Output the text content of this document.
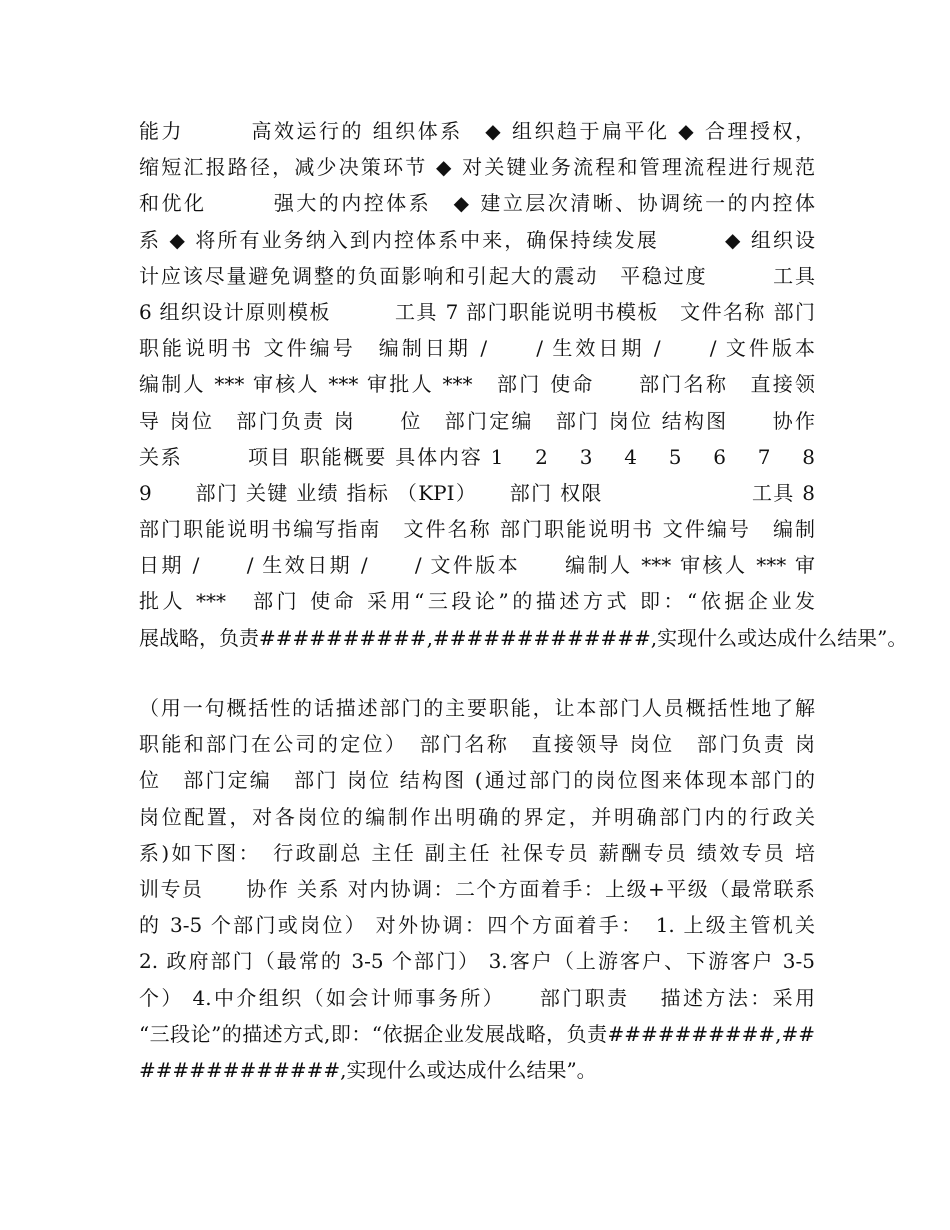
能力　　　高效运行的 组织体系　◆ 组织趋于扁平化 ◆ 合理授权，
缩短汇报路径，减少决策环节 ◆ 对关键业务流程和管理流程进行规范
和优化　　　强大的内控体系　◆ 建立层次清晰、协调统一的内控体
系 ◆ 将所有业务纳入到内控体系中来，确保持续发展　　　◆ 组织设
计应该尽量避免调整的负面影响和引起大的震动　平稳过度　　　工具
6 组织设计原则模板　　　工具 7 部门职能说明书模板　文件名称 部门
职能说明书 文件编号　编制日期 /　　/ 生效日期 /　　/ 文件版本
编制人 *** 审核人 *** 审批人 ***　部门 使命　　部门名称　直接领
导 岗位　部门负责 岗　　位　部门定编　部门 岗位 结构图　　协作
关系　　　项目 职能概要 具体内容 1　 2　 3　 4　 5　 6　 7　 8
9　　部门 关键 业绩 指标 （KPI）　　部门 权限　　　　　　　工具 8
部门职能说明书编写指南　文件名称 部门职能说明书 文件编号　编制
日期 /　　/ 生效日期 /　　/ 文件版本　　编制人 *** 审核人 *** 审
批人 ***　部门 使命 采用“三段论”的描述方式 即：“依据企业发
展战略，负责##########,#############,实现什么或达成什么结果”。
（用一句概括性的话描述部门的主要职能，让本部门人员概括性地了解
职能和部门在公司的定位）　部门名称　直接领导 岗位　部门负责 岗
位　部门定编　部门 岗位 结构图 (通过部门的岗位图来体现本部门的
岗位配置，对各岗位的编制作出明确的界定，并明确部门内的行政关
系)如下图：　行政副总 主任 副主任 社保专员 薪酬专员 绩效专员 培
训专员　　协作 关系 对内协调：二个方面着手：上级+平级（最常联系
的 3-5 个部门或岗位） 对外协调：四个方面着手：　1. 上级主管机关
2. 政府部门（最常的 3-5 个部门） 3.客户（上游客户、下游客户 3-5
个） 4.中介组织（如会计师事务所）　　部门职责　 描述方法：采用
“三段论”的描述方式,即：“依据企业发展战略，负责##########,##
############,实现什么或达成什么结果”。
